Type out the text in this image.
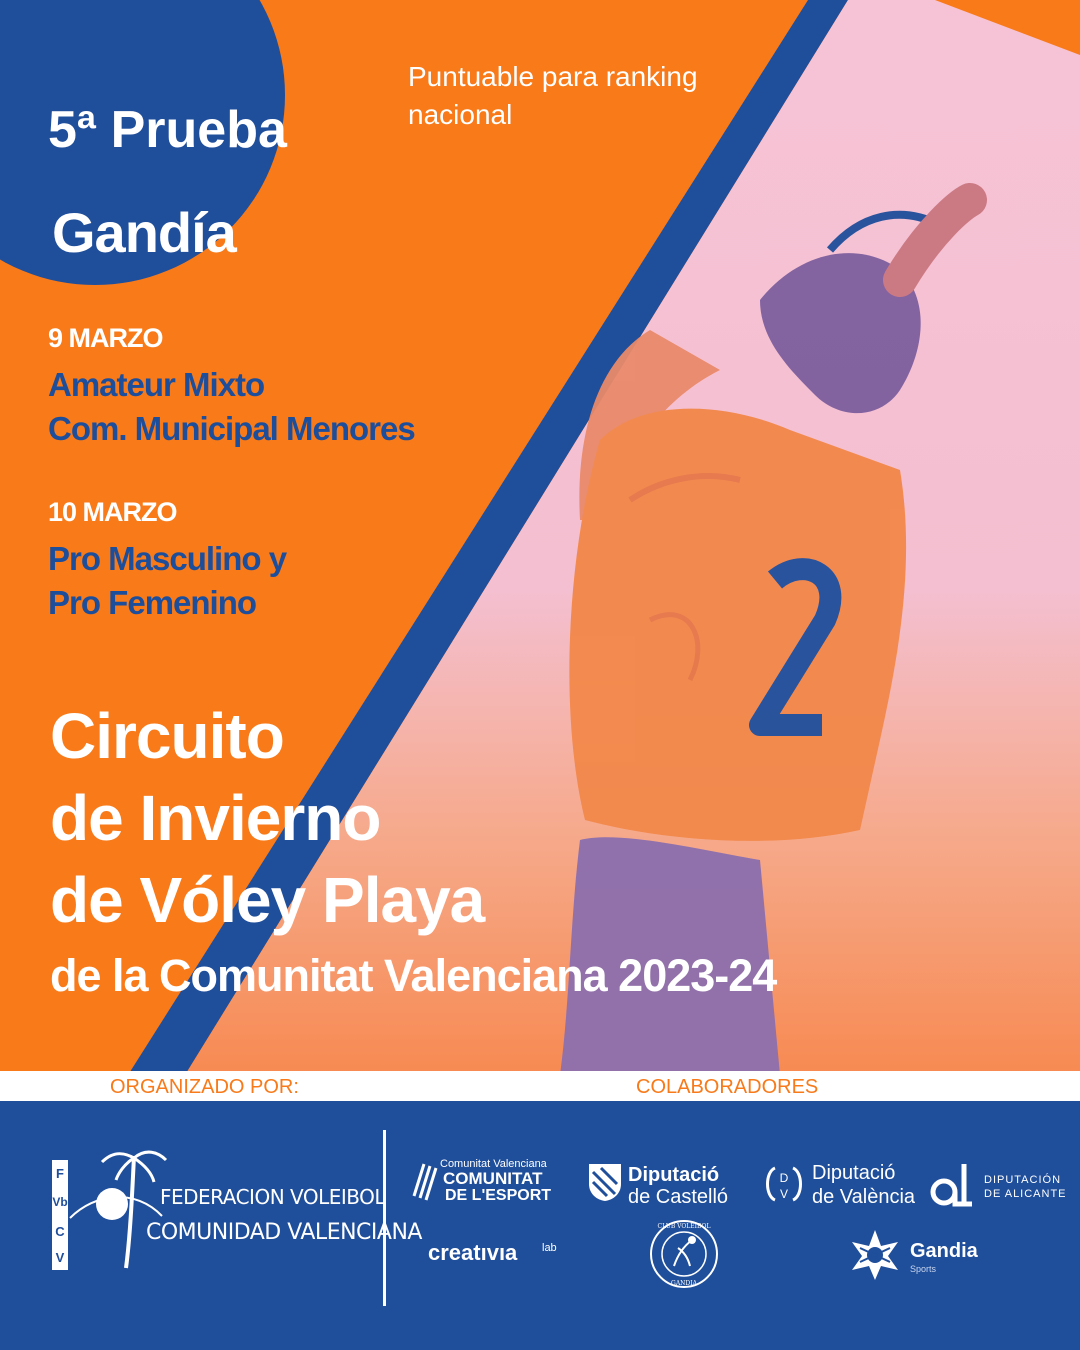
5ª Prueba

Gandía

Puntuable para ranking nacional

9 MARZO

Amateur Mixto

Com. Municipal Menores

10 MARZO

Pro Masculino y

Pro Femenino

Circuito

de Invierno

de Vóley Playa

de la Comunitat Valenciana 2023-24

ORGANIZADO POR:	COLABORADORES

F
Vb
C
V

FEDERACION VOLEIBOL

COMUNIDAD VALENCIANA

Comunitat Valenciana

COMUNITAT

DE L'ESPORT

Diputació

de Castelló

D
V

Diputació

de València

DIPUTACIÓN

DE ALICANTE

creatıvıa lab

CLUB VOLEIBOL
GANDIA

Gandia

Sports
